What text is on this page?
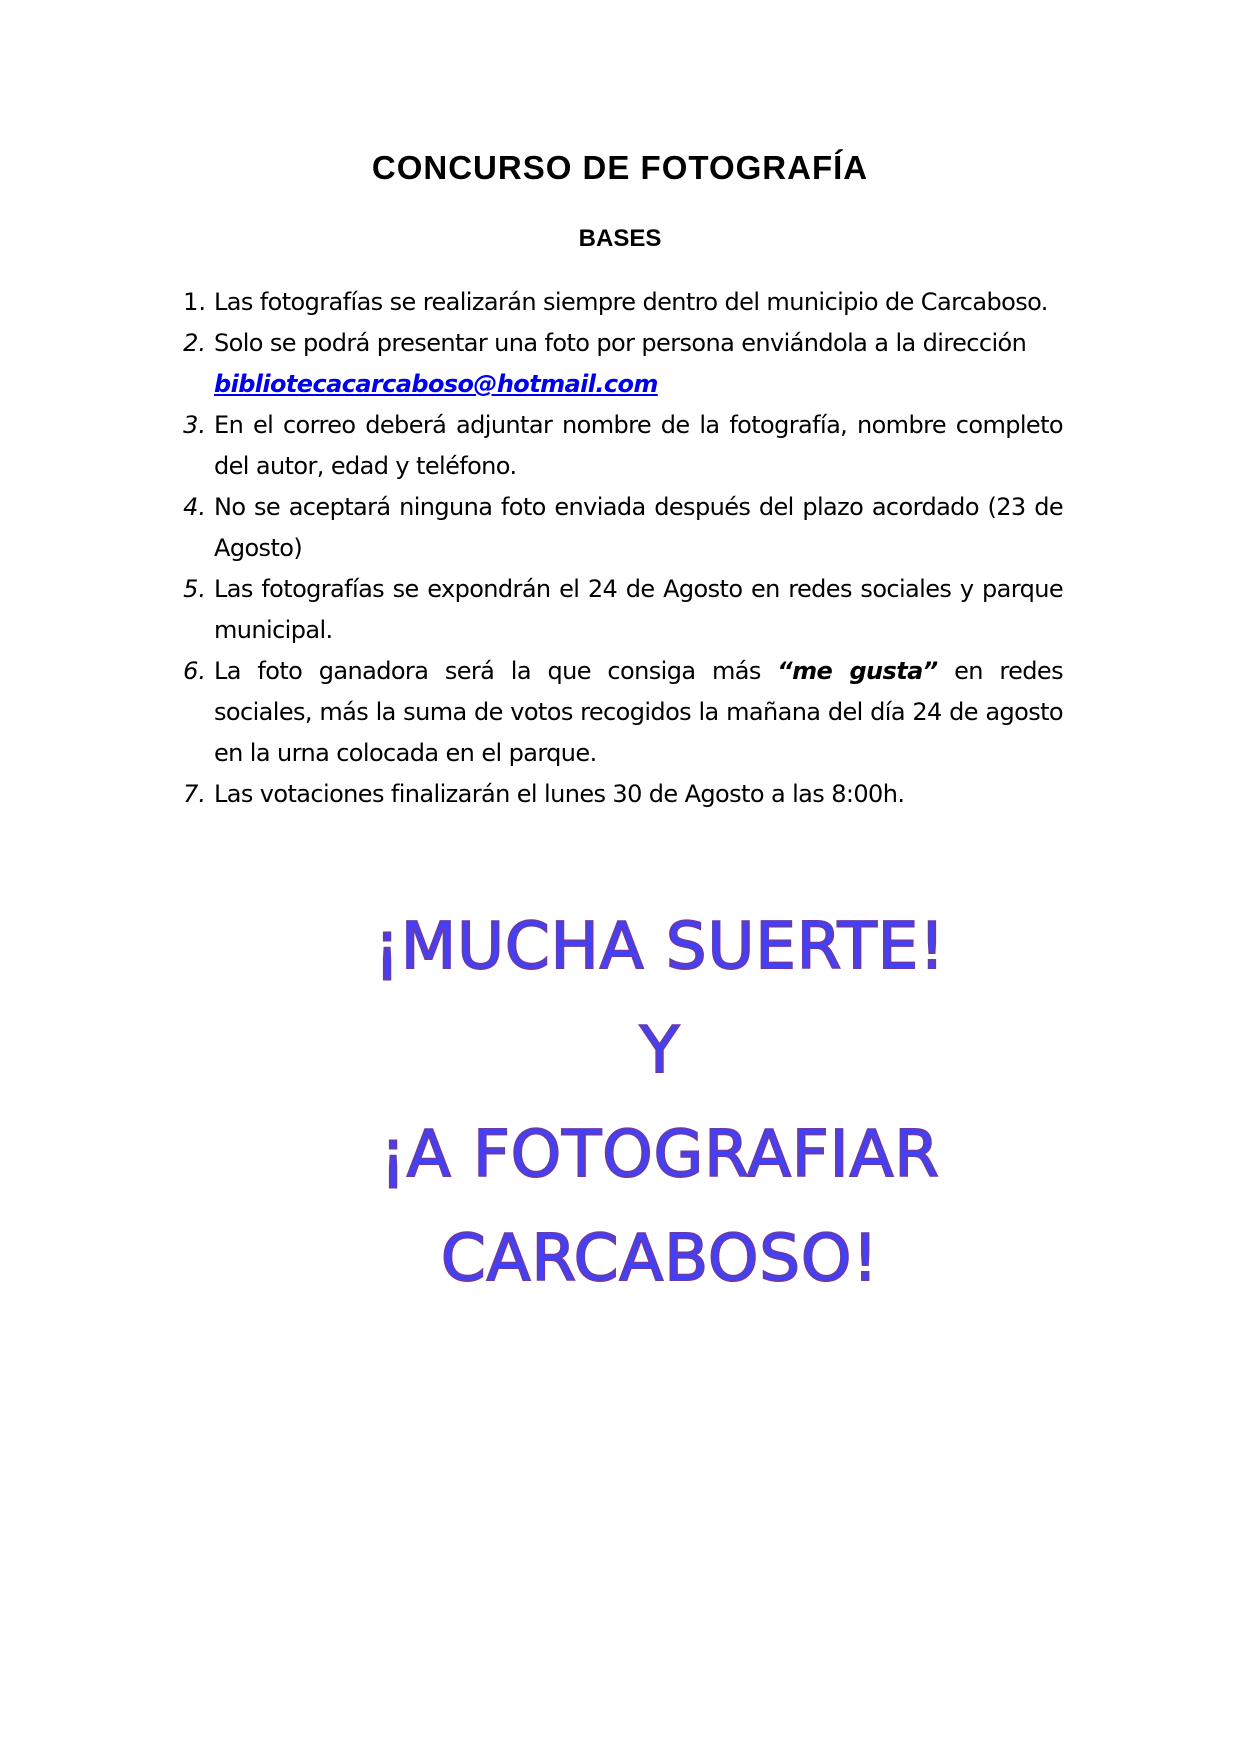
CONCURSO DE FOTOGRAFÍA
BASES
1. Las fotografías se realizarán siempre dentro del municipio de Carcaboso.
2. Solo se podrá presentar una foto por persona enviándola a la dirección
bibliotecacarcaboso@hotmail.com
3. En el correo deberá adjuntar nombre de la fotografía, nombre completo del autor, edad y teléfono.
4. No se aceptará ninguna foto enviada después del plazo acordado (23 de Agosto)
5. Las fotografías se expondrán el 24 de Agosto en redes sociales y parque municipal.
6. La foto ganadora será la que consiga más “me gusta” en redes sociales, más la suma de votos recogidos la mañana del día 24 de agosto en la urna colocada en el parque.
7. Las votaciones finalizarán el lunes 30 de Agosto a las 8:00h.
¡MUCHA SUERTE!
Y
¡A FOTOGRAFIAR
CARCABOSO!
